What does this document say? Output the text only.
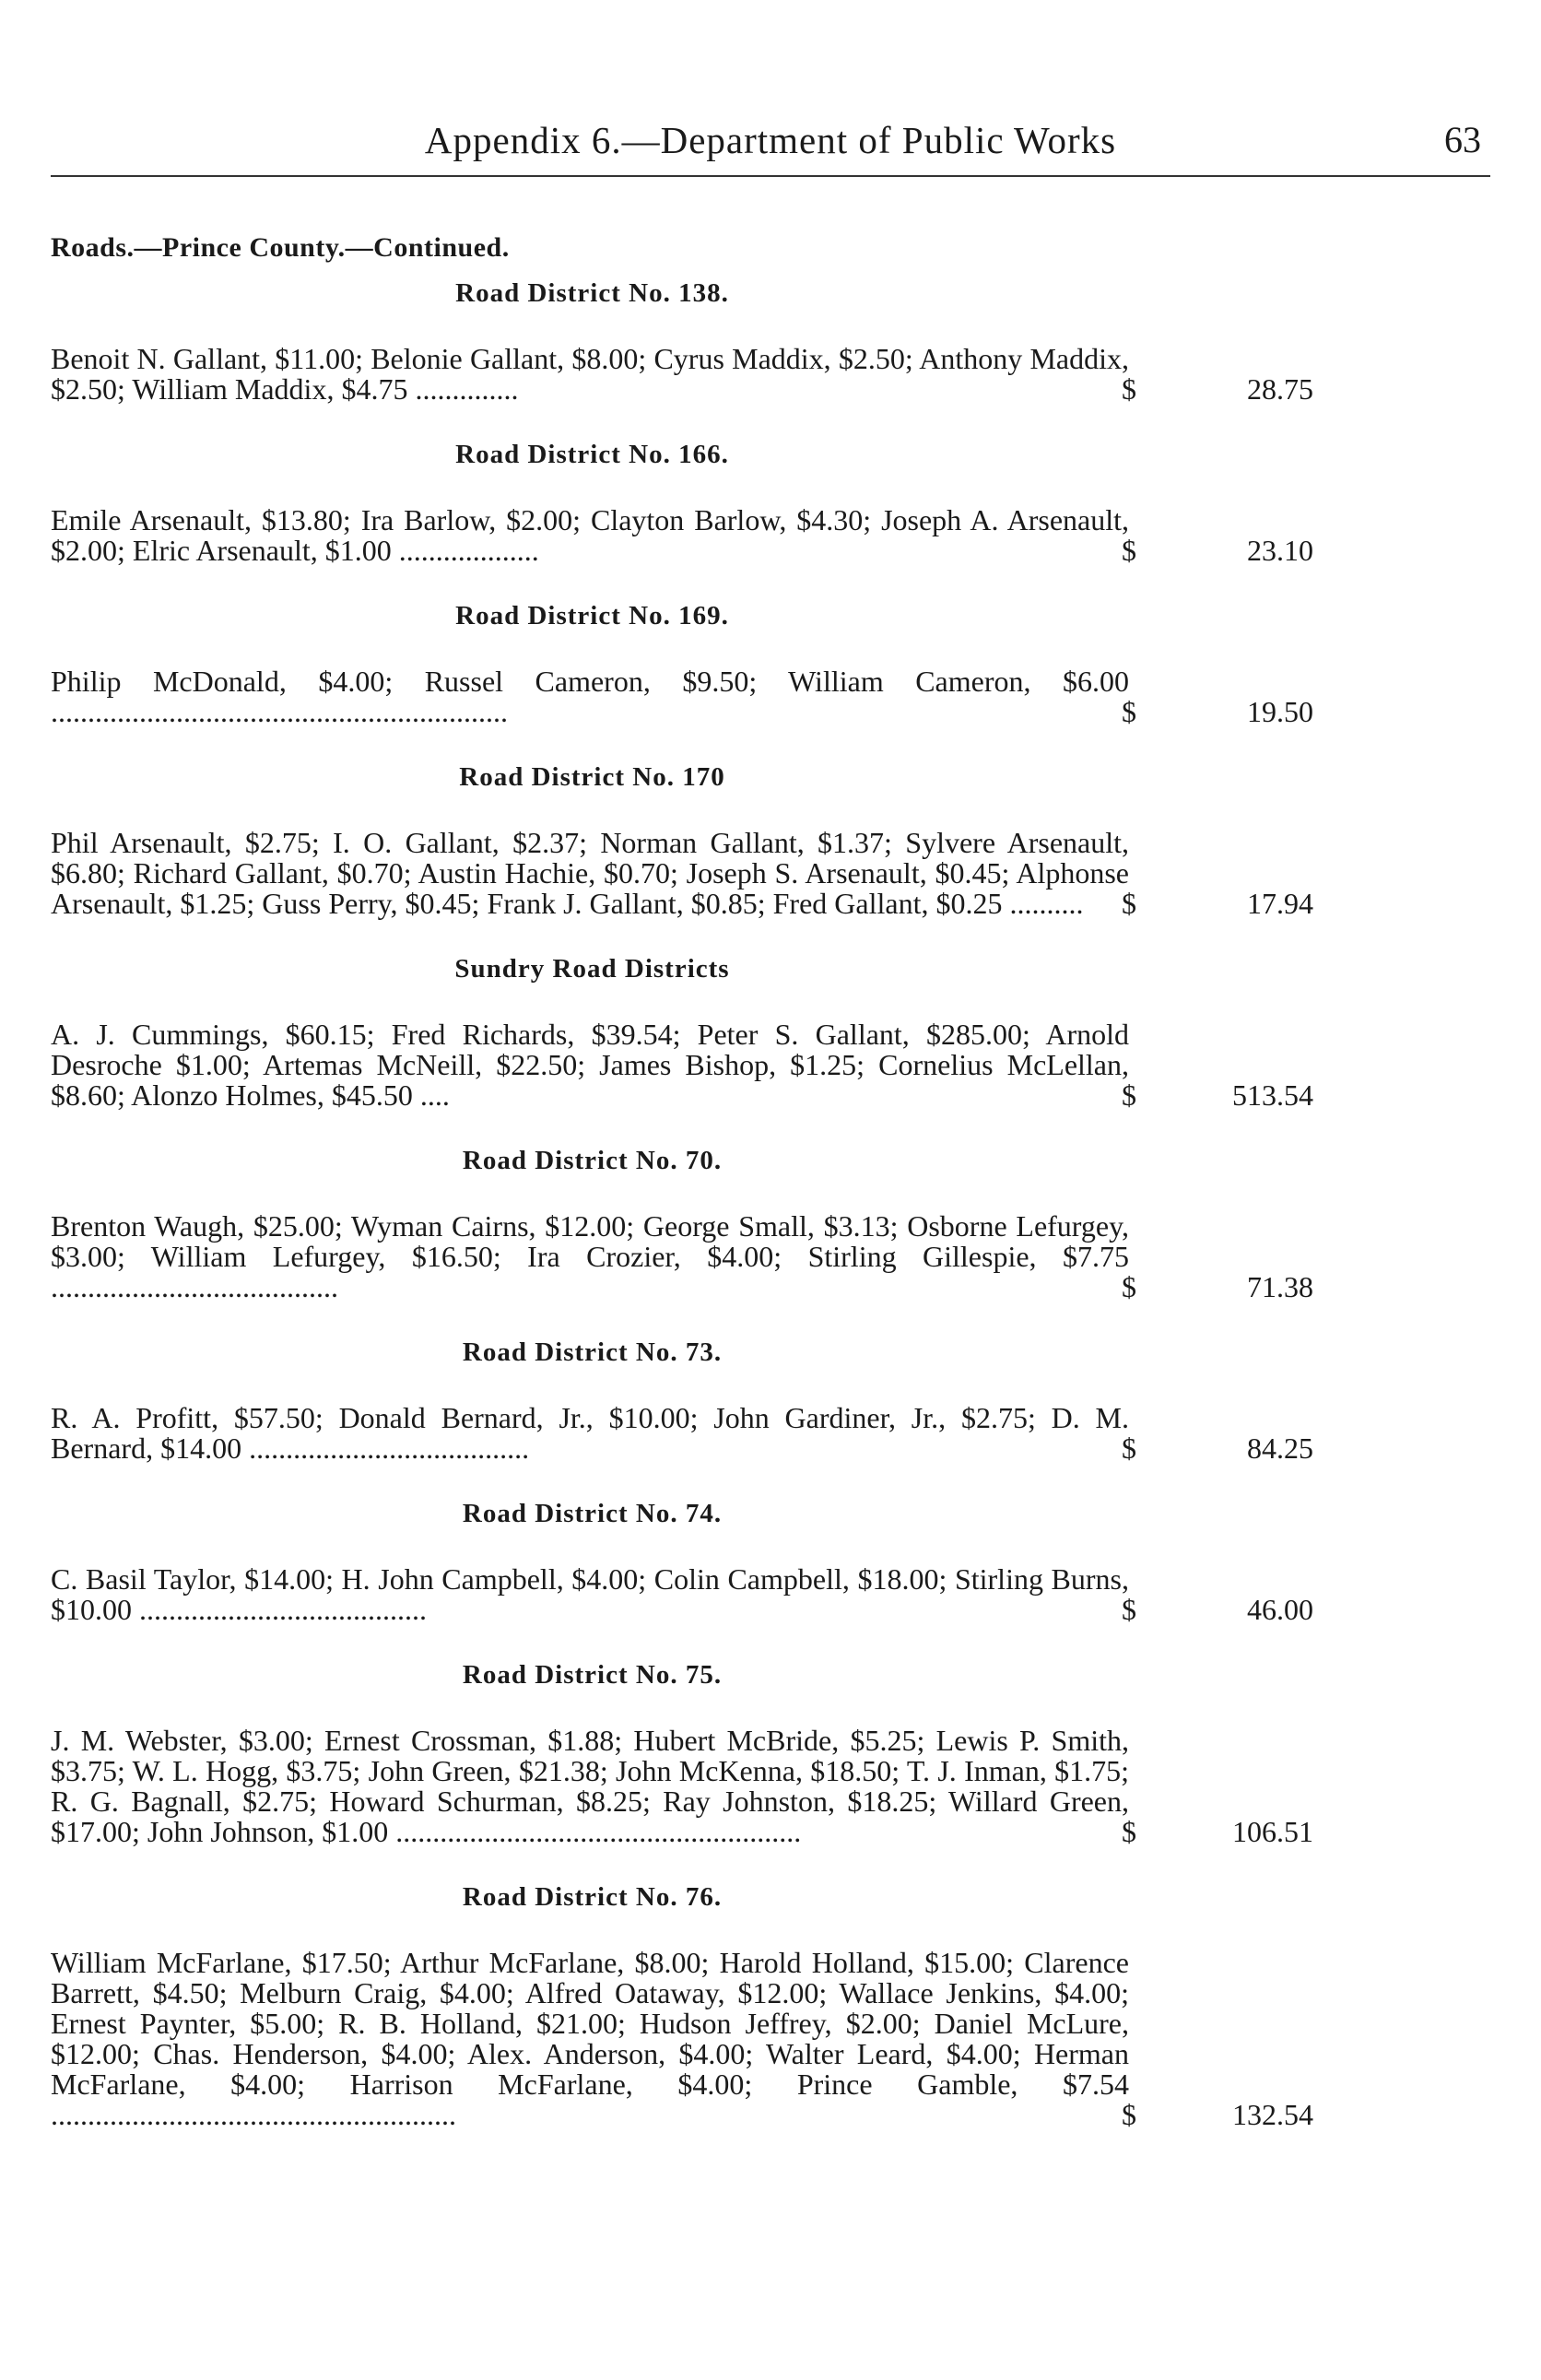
Appendix 6.—Department of Public Works	63
Roads.—Prince County.—Continued.
Road District No. 138.
Benoit N. Gallant, $11.00; Belonie Gallant, $8.00; Cyrus Maddix, $2.50; Anthony Maddix, $2.50; William Maddix, $4.75 ..............	$	28.75
Road District No. 166.
Emile Arsenault, $13.80; Ira Barlow, $2.00; Clayton Barlow, $4.30; Joseph A. Arsenault, $2.00; Elric Arsenault, $1.00 ...................	$	23.10
Road District No. 169.
Philip McDonald, $4.00; Russel Cameron, $9.50; William Cameron, $6.00 ..............................................................	$	19.50
Road District No. 170
Phil Arsenault, $2.75; I. O. Gallant, $2.37; Norman Gallant, $1.37; Sylvere Arsenault, $6.80; Richard Gallant, $0.70; Austin Hachie, $0.70; Joseph S. Arsenault, $0.45; Alphonse Arsenault, $1.25; Guss Perry, $0.45; Frank J. Gallant, $0.85; Fred Gallant, $0.25 ..........	$	17.94
Sundry Road Districts
A. J. Cummings, $60.15; Fred Richards, $39.54; Peter S. Gallant, $285.00; Arnold Desroche $1.00; Artemas McNeill, $22.50; James Bishop, $1.25; Cornelius McLellan, $8.60; Alonzo Holmes, $45.50 ....	$	513.54
Road District No. 70.
Brenton Waugh, $25.00; Wyman Cairns, $12.00; George Small, $3.13; Osborne Lefurgey, $3.00; William Lefurgey, $16.50; Ira Crozier, $4.00; Stirling Gillespie, $7.75 .......................................	$	71.38
Road District No. 73.
R. A. Profitt, $57.50; Donald Bernard, Jr., $10.00; John Gardiner, Jr., $2.75; D. M. Bernard, $14.00 ......................................	$	84.25
Road District No. 74.
C. Basil Taylor, $14.00; H. John Campbell, $4.00; Colin Campbell, $18.00; Stirling Burns, $10.00 .......................................	$	46.00
Road District No. 75.
J. M. Webster, $3.00; Ernest Crossman, $1.88; Hubert McBride, $5.25; Lewis P. Smith, $3.75; W. L. Hogg, $3.75; John Green, $21.38; John McKenna, $18.50; T. J. Inman, $1.75; R. G. Bagnall, $2.75; Howard Schurman, $8.25; Ray Johnston, $18.25; Willard Green, $17.00; John Johnson, $1.00 .......................................................	$	106.51
Road District No. 76.
William McFarlane, $17.50; Arthur McFarlane, $8.00; Harold Holland, $15.00; Clarence Barrett, $4.50; Melburn Craig, $4.00; Alfred Oataway, $12.00; Wallace Jenkins, $4.00; Ernest Paynter, $5.00; R. B. Holland, $21.00; Hudson Jeffrey, $2.00; Daniel McLure, $12.00; Chas. Henderson, $4.00; Alex. Anderson, $4.00; Walter Leard, $4.00; Herman McFarlane, $4.00; Harrison McFarlane, $4.00; Prince Gamble, $7.54 .......................................................	$	132.54
